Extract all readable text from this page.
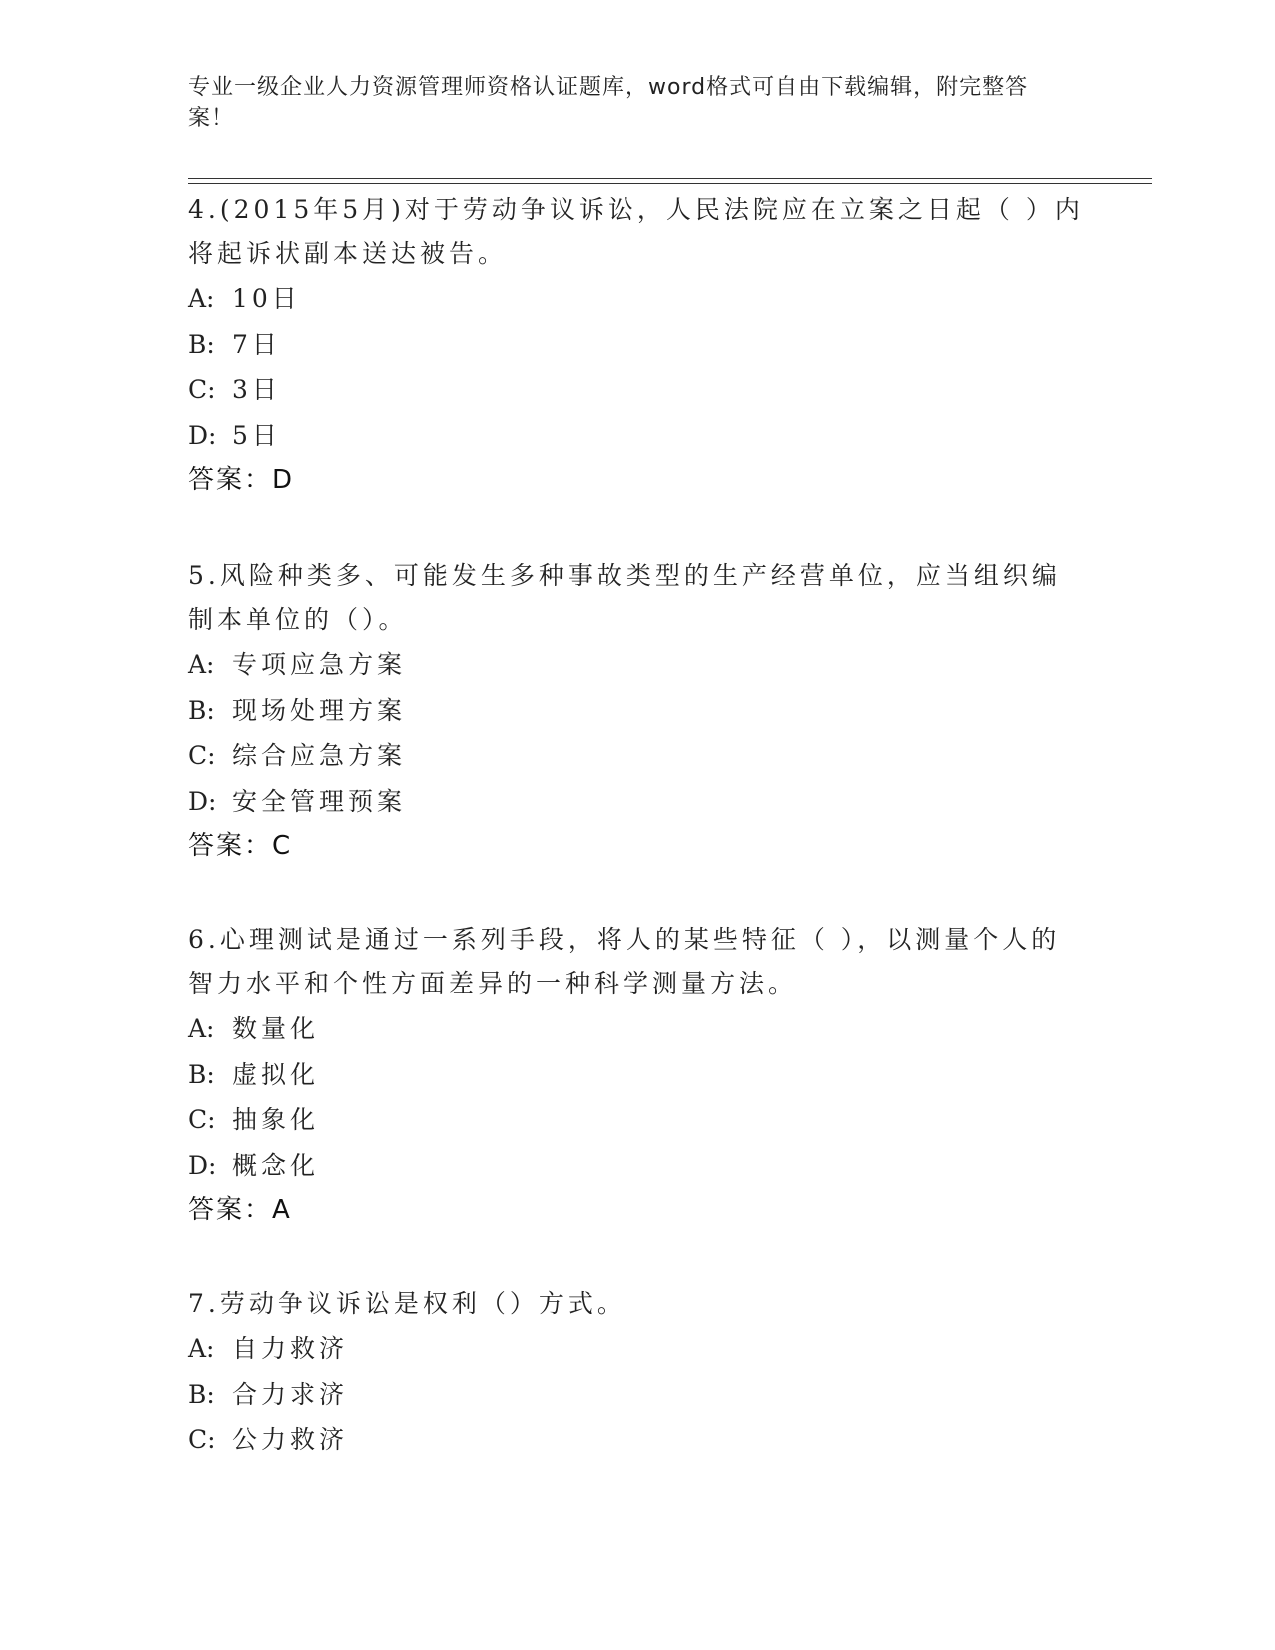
专业一级企业人力资源管理师资格认证题库，word格式可自由下载编辑，附完整答案！

4.(2015年5月)对于劳动争议诉讼，人民法院应在立案之日起（ ）内将起诉状副本送达被告。

A: 10日
B: 7日
C: 3日
D: 5日
答案：D

5.风险种类多、可能发生多种事故类型的生产经营单位，应当组织编制本单位的（）。

A: 专项应急方案
B: 现场处理方案
C: 综合应急方案
D: 安全管理预案
答案：C

6.心理测试是通过一系列手段，将人的某些特征（ ），以测量个人的智力水平和个性方面差异的一种科学测量方法。

A: 数量化
B: 虚拟化
C: 抽象化
D: 概念化
答案：A

7.劳动争议诉讼是权利（）方式。

A: 自力救济
B: 合力求济
C: 公力救济
